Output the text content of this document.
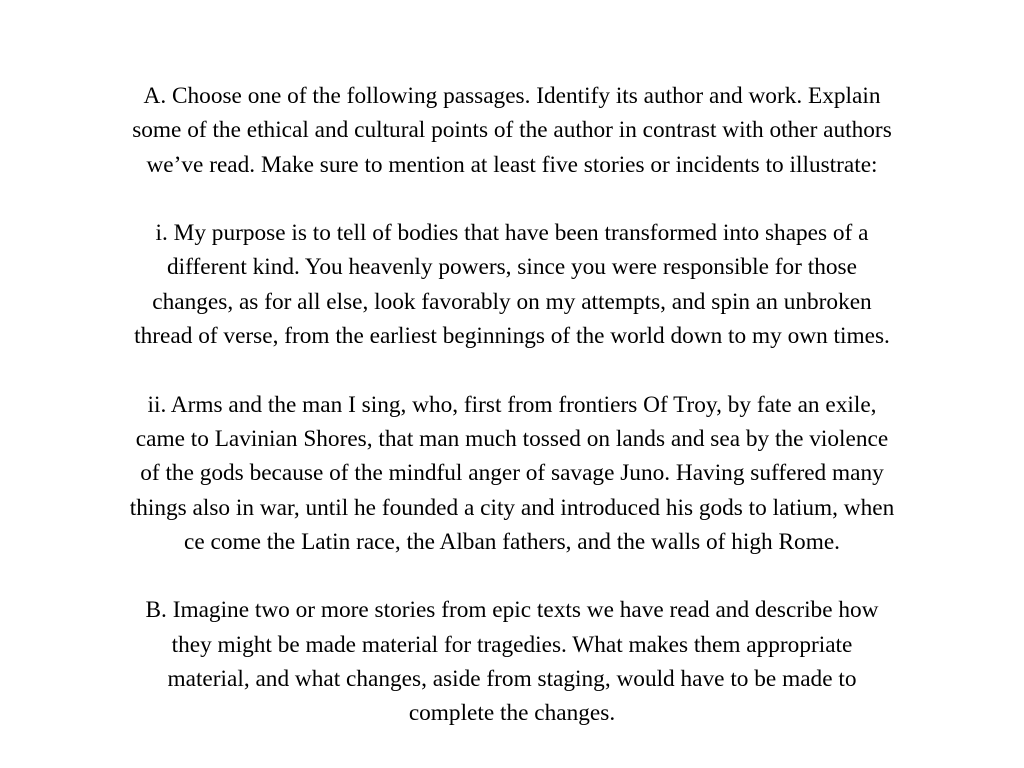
A. Choose one of the following passages. Identify its author and work. Explain
some of the ethical and cultural points of the author in contrast with other authors
we’ve read. Make sure to mention at least five stories or incidents to illustrate:

i. My purpose is to tell of bodies that have been transformed into shapes of a
different kind. You heavenly powers, since you were responsible for those
changes, as for all else, look favorably on my attempts, and spin an unbroken
thread of verse, from the earliest beginnings of the world down to my own times.

ii. Arms and the man I sing, who, first from frontiers Of Troy, by fate an exile,
came to Lavinian Shores, that man much tossed on lands and sea by the violence
of the gods because of the mindful anger of savage Juno. Having suffered many
things also in war, until he founded a city and introduced his gods to latium, when
ce come the Latin race, the Alban fathers, and the walls of high Rome.

B. Imagine two or more stories from epic texts we have read and describe how
they might be made material for tragedies. What makes them appropriate
material, and what changes, aside from staging, would have to be made to
complete the changes.
